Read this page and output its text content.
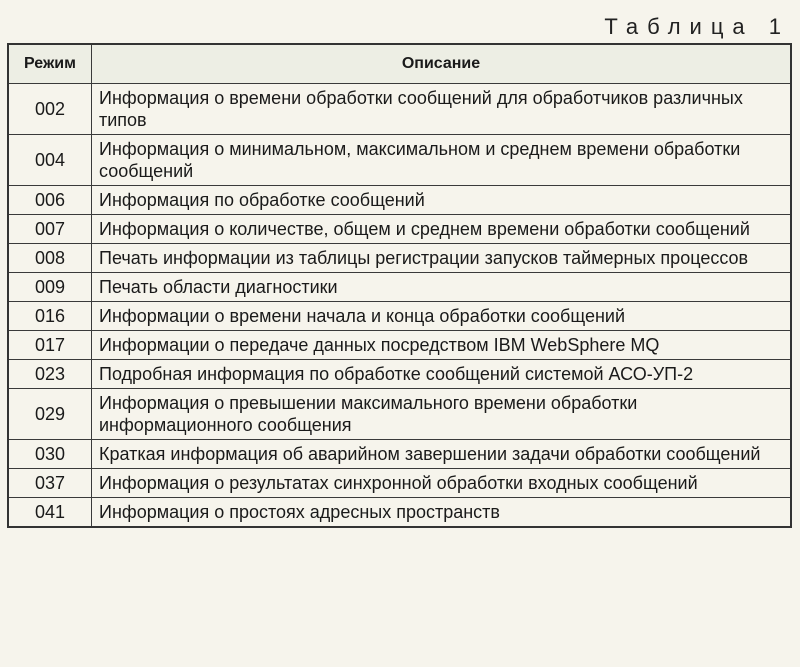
Таблица 1
Режим	Описание
002	Информация о времени обработки сообщений для обработчиков различных типов
004	Информация о минимальном, максимальном и среднем времени обработки сообщений
006	Информация по обработке сообщений
007	Информация о количестве, общем и среднем времени обработки сообщений
008	Печать информации из таблицы регистрации запусков таймерных процессов
009	Печать области диагностики
016	Информации о времени начала и конца обработки сообщений
017	Информации о передаче данных посредством IBM WebSphere MQ
023	Подробная информация по обработке сообщений системой АСО-УП-2
029	Информация о превышении максимального времени обработки информационного сообщения
030	Краткая информация об аварийном завершении задачи обработки сообщений
037	Информация о результатах синхронной обработки входных сообщений
041	Информация о простоях адресных пространств
